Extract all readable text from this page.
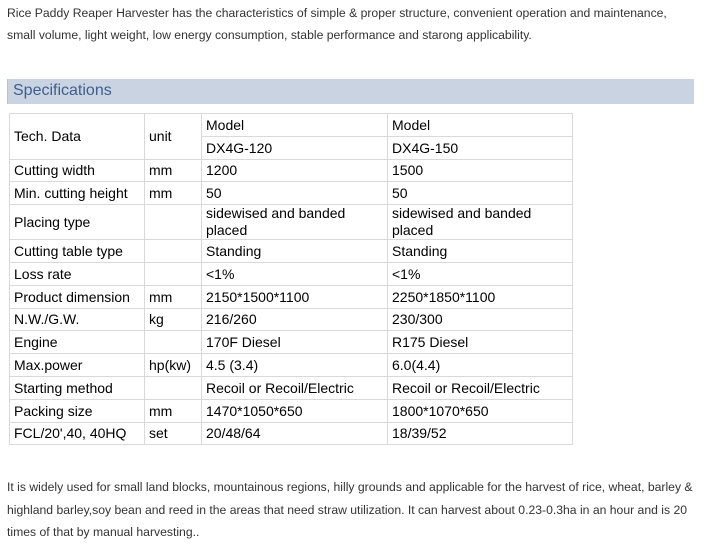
Rice Paddy Reaper Harvester has the characteristics of simple & proper structure, convenient operation and maintenance, small volume, light weight, low energy consumption, stable performance and starong applicability.
Specifications
Tech. Data	unit	Model	Model
		DX4G-120	DX4G-150
Cutting width	mm	1200	1500
Min. cutting height	mm	50	50
Placing type		sidewised and banded placed	sidewised and banded placed
Cutting table type		Standing	Standing
Loss rate		<1%	<1%
Product dimension	mm	2150*1500*1100	2250*1850*1100
N.W./G.W.	kg	216/260	230/300
Engine		170F Diesel	R175 Diesel
Max.power	hp(kw)	4.5 (3.4)	6.0(4.4)
Starting method		Recoil or Recoil/Electric	Recoil or Recoil/Electric
Packing size	mm	1470*1050*650	1800*1070*650
FCL/20',40, 40HQ	set	20/48/64	18/39/52
It is widely used for small land blocks, mountainous regions, hilly grounds and applicable for the harvest of rice, wheat, barley & highland barley,soy bean and reed in the areas that need straw utilization. It can harvest about 0.23-0.3ha in an hour and is 20 times of that by manual harvesting..
